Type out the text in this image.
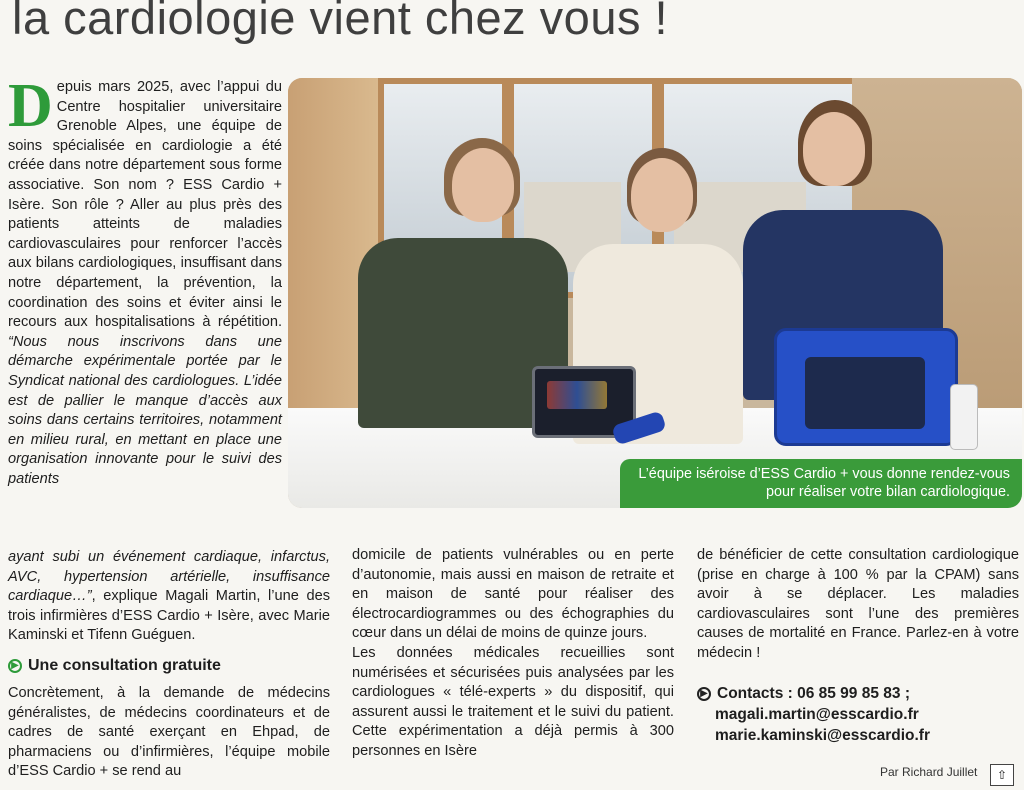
la cardiologie vient chez vous !
Depuis mars 2025, avec l’appui du Centre hospitalier universitaire Grenoble Alpes, une équipe de soins spécialisée en cardiologie a été créée dans notre département sous forme associative. Son nom ? ESS Cardio + Isère. Son rôle ? Aller au plus près des patients atteints de maladies cardiovasculaires pour renforcer l’accès aux bilans cardiologiques, insuffisant dans notre département, la prévention, la coordination des soins et éviter ainsi le recours aux hospitalisations à répétition. “Nous nous inscrivons dans une démarche expérimentale portée par le Syndicat national des cardiologues. L’idée est de pallier le manque d’accès aux soins dans certains territoires, notamment en milieu rural, en mettant en place une organisation innovante pour le suivi des patients	L’équipe iséroise d’ESS Cardio + vous donne rendez-vous
pour réaliser votre bilan cardiologique.
ayant subi un événement cardiaque, infarctus, AVC, hypertension artérielle, insuffisance cardiaque…”, explique Magali Martin, l’une des trois infirmières d’ESS Cardio + Isère, avec Marie Kaminski et Tifenn Guéguen.
▶ Une consultation gratuite
Concrètement, à la demande de médecins généralistes, de médecins coordinateurs et de cadres de santé exerçant en Ehpad, de pharmaciens ou d’infirmières, l’équipe mobile d’ESS Cardio + se rend au

domicile de patients vulnérables ou en perte d’autonomie, mais aussi en maison de retraite et en maison de santé pour réaliser des électrocardiogrammes ou des échographies du cœur dans un délai de moins de quinze jours.

Les données médicales recueillies sont numérisées et sécurisées puis analysées par les cardiologues « télé-experts » du dispositif, qui assurent aussi le traitement et le suivi du patient. Cette expérimentation a déjà permis à 300 personnes en Isère

de bénéficier de cette consultation cardiologique (prise en charge à 100 % par la CPAM) sans avoir à se déplacer. Les maladies cardiovasculaires sont l’une des premières causes de mortalité en France. Parlez-en à votre médecin !

▶ Contacts : 06 85 99 85 83 ;
magali.martin@esscardio.fr
marie.kaminski@esscardio.fr
Par Richard Juillet	⇧
